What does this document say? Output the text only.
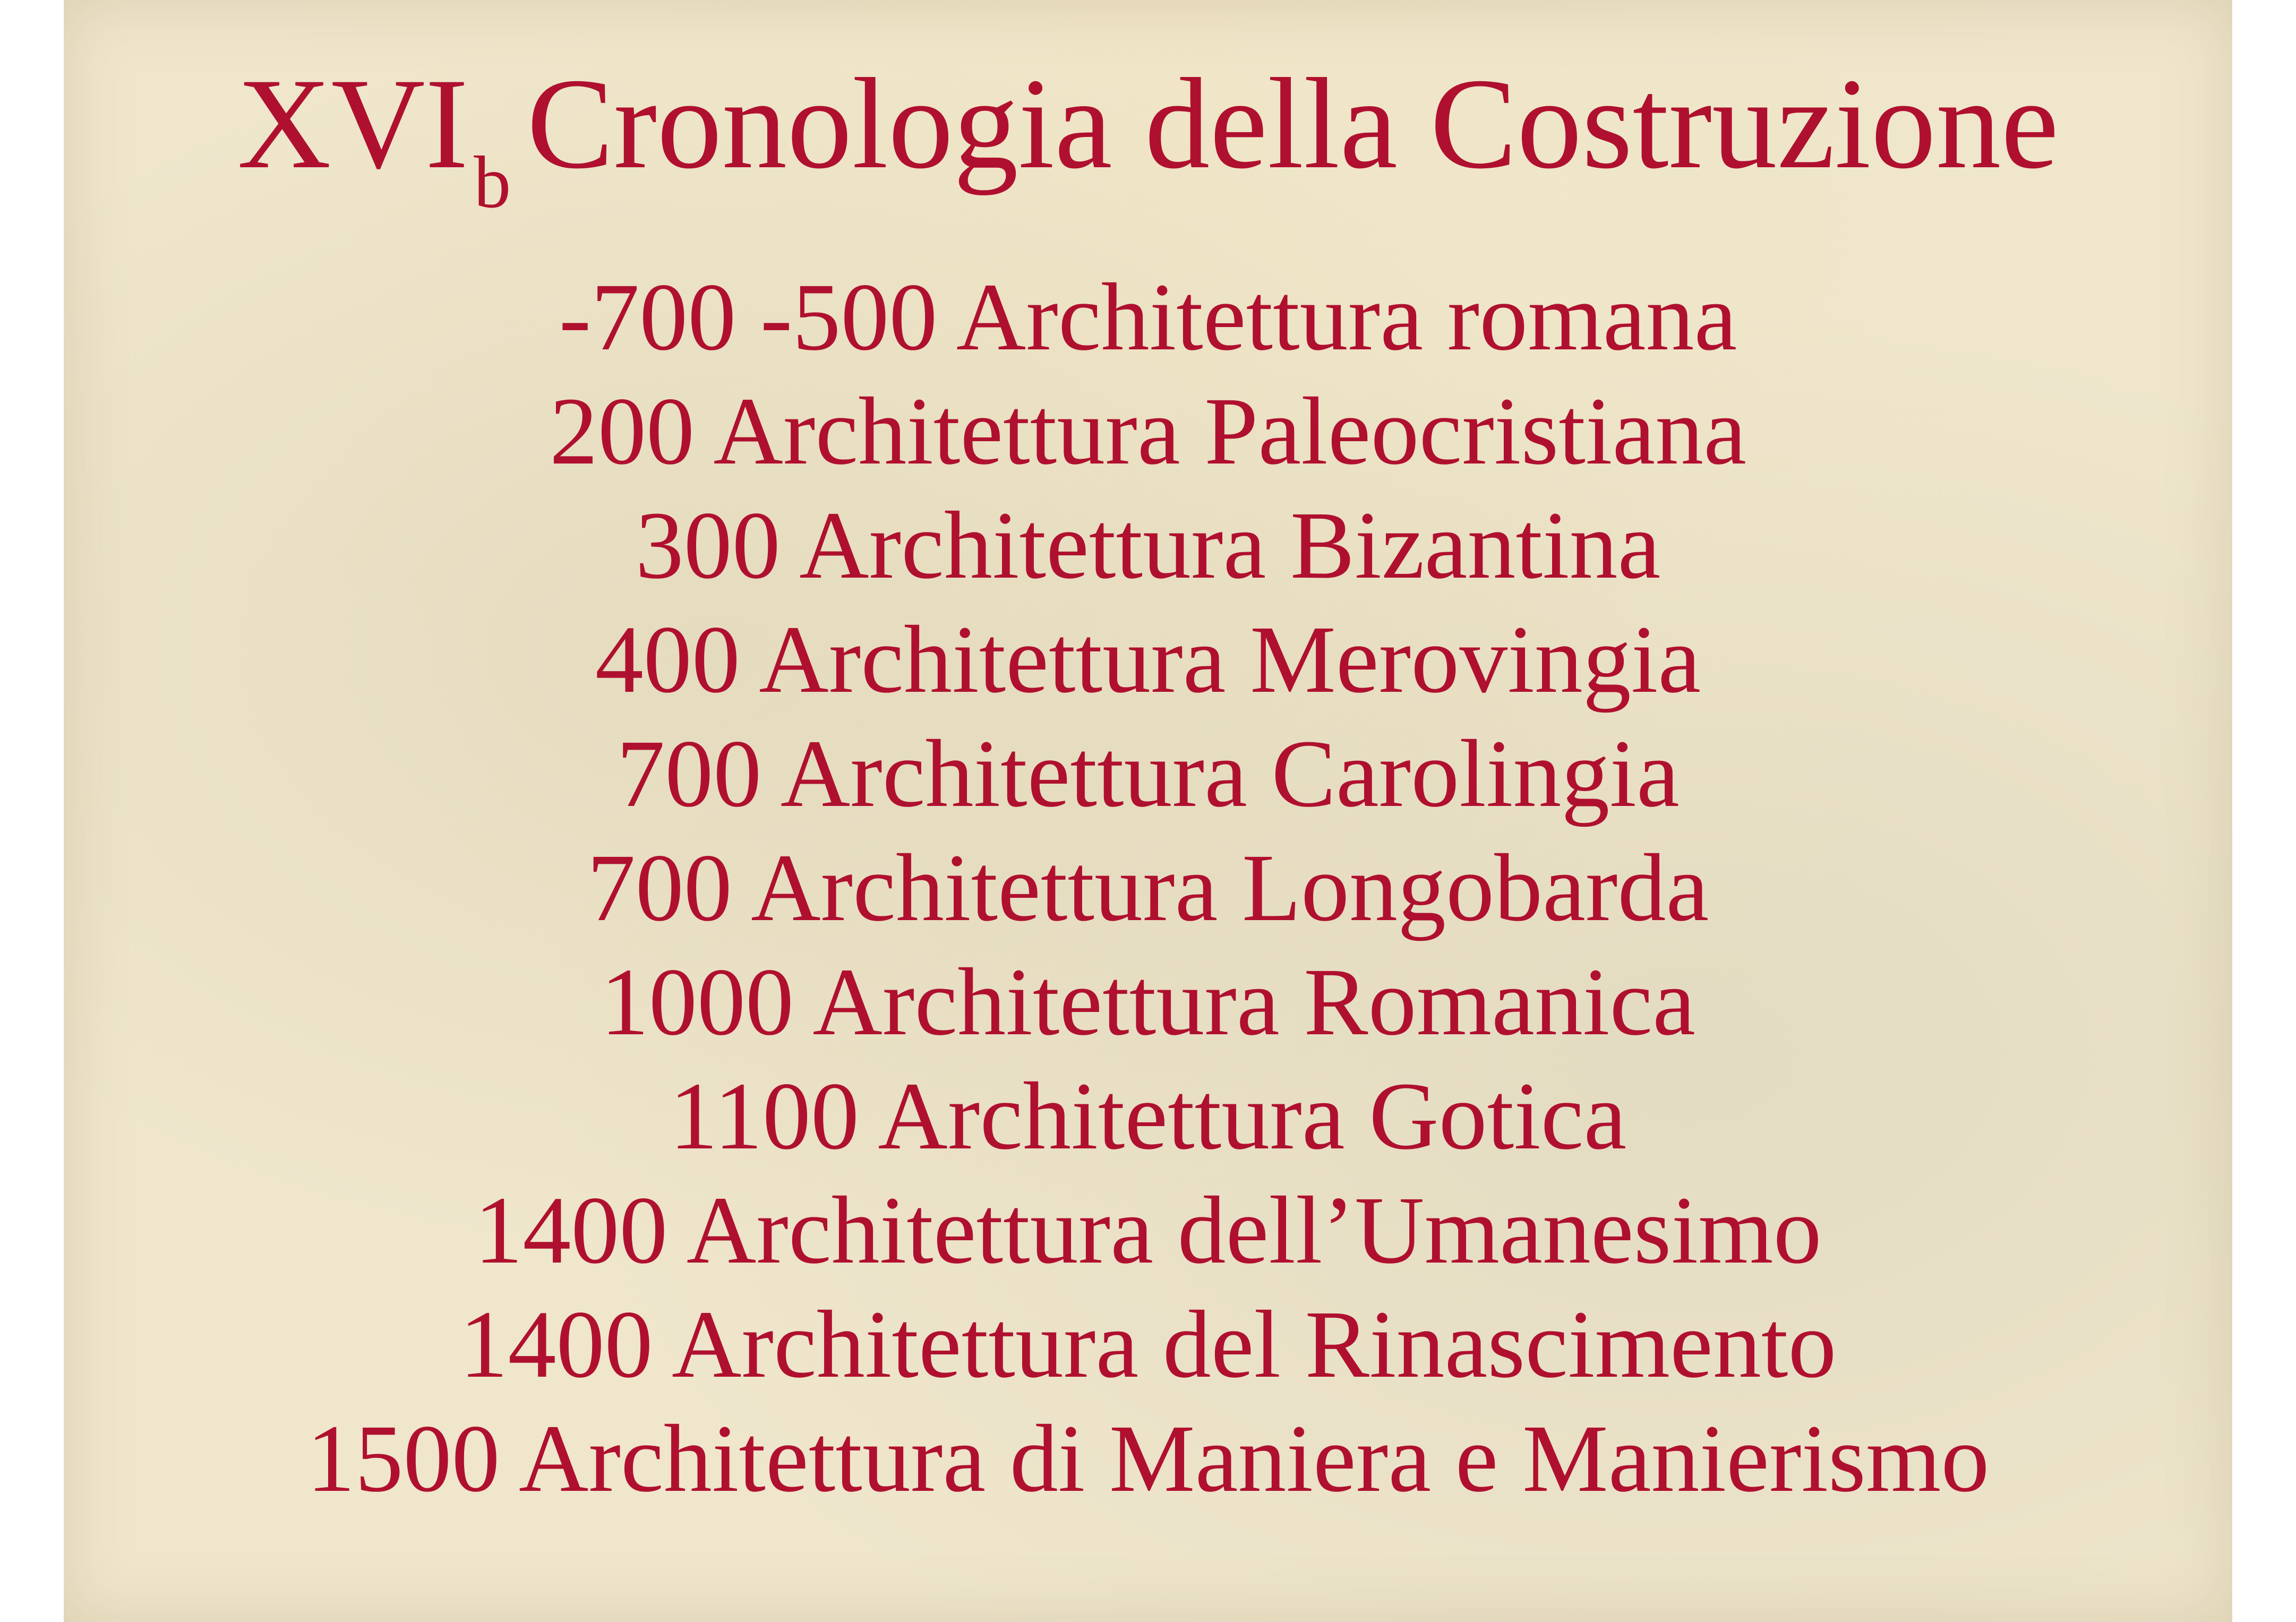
$XVI_b$ Cronologia della Costruzione
-700 -500 Architettura romana
200 Architettura Paleocristiana
300 Architettura Bizantina
400 Architettura Merovingia
700 Architettura Carolingia
700 Architettura Longobarda
1000 Architettura Romanica
1100 Architettura Gotica
1400 Architettura dell’Umanesimo
1400 Architettura del Rinascimento
1500 Architettura di Maniera e Manierismo
